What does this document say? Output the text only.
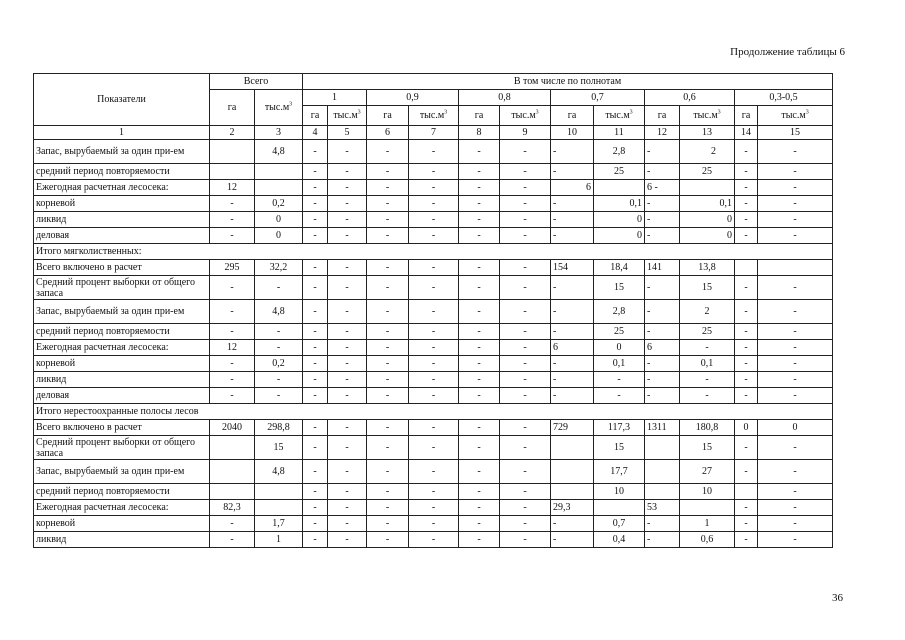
Продолжение таблицы 6
Показатели	Всего		В том числе по полнотам											
	га	$тыс.м^3$	1		0,9		0,8		0,7		0,6		0,3-0,5	
			га	$тыс.м^3$	га	$тыс.м^3$	га	$тыс.м^3$	га	$тыс.м^3$	га	$тыс.м^3$	га	$тыс.м^3$
1	2	3	4	5	6	7	8	9	10	11	12	13	14	15
Запас, вырубаемый за один при-ем		4,8	-	-	-	-	-	-	-	2,8	-	2	-	-
средний период повторяемости			-	-	-	-	-	-	-	25	-	25	-	-
Ежегодная расчетная лесосека:	12		-	-	-	-	-	-	6		6 -		-	-
корневой	-	0,2	-	-	-	-	-	-	-	0,1	-	0,1	-	-
ликвид	-	0	-	-	-	-	-	-	-	0	-	0	-	-
деловая	-	0	-	-	-	-	-	-	-	0	-	0	-	-
Итого мягколиственных:														
Всего включено в расчет	295	32,2	-	-	-	-	-	-	154	18,4	141	13,8		
Средний процент выборки от общего запаса	-	-	-	-	-	-	-	-	-	15	-	15	-	-
Запас, вырубаемый за один при-ем	-	4,8	-	-	-	-	-	-	-	2,8	-	2	-	-
средний период повторяемости	-	-	-	-	-	-	-	-	-	25	-	25	-	-
Ежегодная расчетная лесосека:	12	-	-	-	-	-	-	-	6	0	6	-	-	-
корневой	-	0,2	-	-	-	-	-	-	-	0,1	-	0,1	-	-
ликвид	-	-	-	-	-	-	-	-	-	-	-	-	-	-
деловая	-	-	-	-	-	-	-	-	-	-	-	-	-	-
Итого нерестоохранные полосы лесов														
Всего включено в расчет	2040	298,8	-	-	-	-	-	-	729	117,3	1311	180,8	0	0
Средний процент выборки от общего запаса		15	-	-	-	-	-	-		15		15	-	-
Запас, вырубаемый за один при-ем		4,8	-	-	-	-	-	-		17,7		27	-	-
средний период повторяемости			-	-	-	-	-	-		10		10		-
Ежегодная расчетная лесосека:	82,3		-	-	-	-	-	-	29,3		53		-	-
корневой	-	1,7	-	-	-	-	-	-	-	0,7	-	1	-	-
ликвид	-	1	-	-	-	-	-	-	-	0,4	-	0,6	-	-
36
